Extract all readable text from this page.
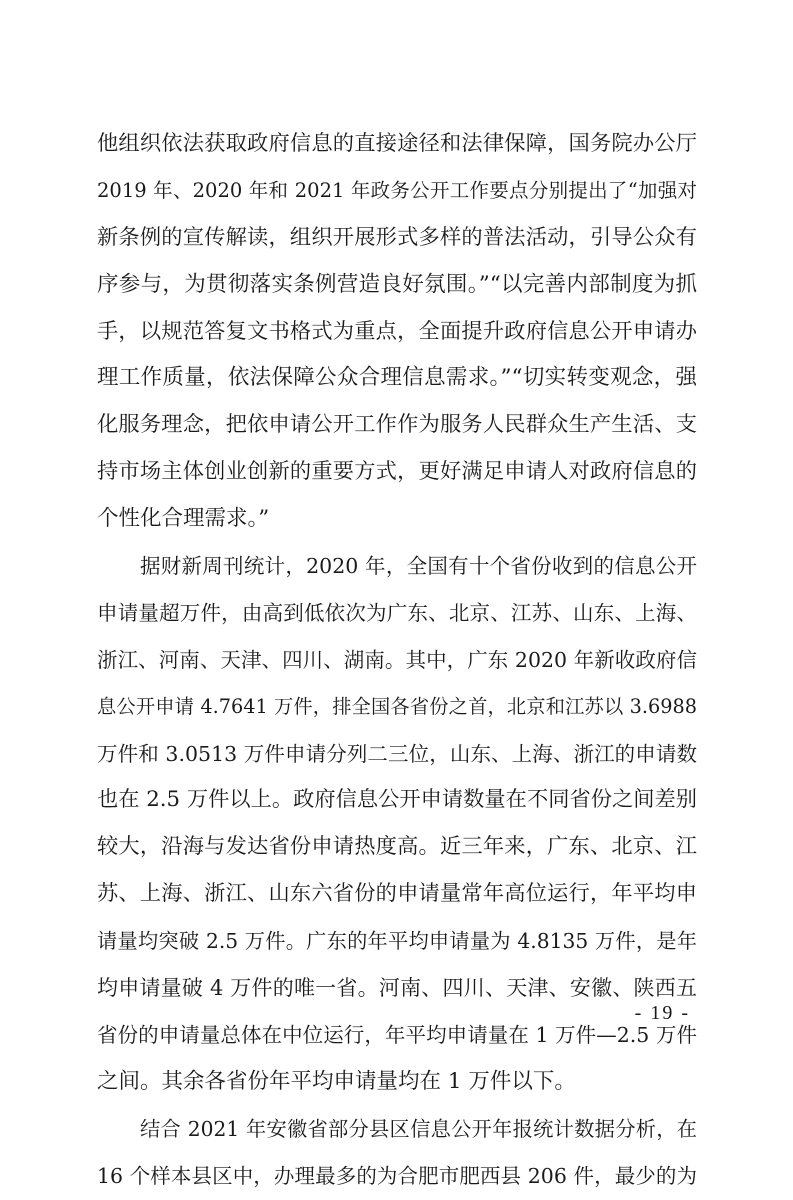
他组织依法获取政府信息的直接途径和法律保障，国务院办公厅
2019 年、2020 年和 2021 年政务公开工作要点分别提出了“加强对
新条例的宣传解读，组织开展形式多样的普法活动，引导公众有
序参与，为贯彻落实条例营造良好氛围。”“以完善内部制度为抓
手，以规范答复文书格式为重点，全面提升政府信息公开申请办
理工作质量，依法保障公众合理信息需求。”“切实转变观念，强
化服务理念，把依申请公开工作作为服务人民群众生产生活、支
持市场主体创业创新的重要方式，更好满足申请人对政府信息的
个性化合理需求。”
据财新周刊统计，2020 年，全国有十个省份收到的信息公开
申请量超万件，由高到低依次为广东、北京、江苏、山东、上海、
浙江、河南、天津、四川、湖南。其中，广东 2020 年新收政府信
息公开申请 4.7641 万件，排全国各省份之首，北京和江苏以 3.6988
万件和 3.0513 万件申请分列二三位，山东、上海、浙江的申请数
也在 2.5 万件以上。政府信息公开申请数量在不同省份之间差别
较大，沿海与发达省份申请热度高。近三年来，广东、北京、江
苏、上海、浙江、山东六省份的申请量常年高位运行，年平均申
请量均突破 2.5 万件。广东的年平均申请量为 4.8135 万件，是年
均申请量破 4 万件的唯一省。河南、四川、天津、安徽、陕西五
省份的申请量总体在中位运行，年平均申请量在 1 万件—2.5 万件
之间。其余各省份年平均申请量均在 1 万件以下。
结合 2021 年安徽省部分县区信息公开年报统计数据分析，在
16 个样本县区中，办理最多的为合肥市肥西县 206 件，最少的为
- 19 -
